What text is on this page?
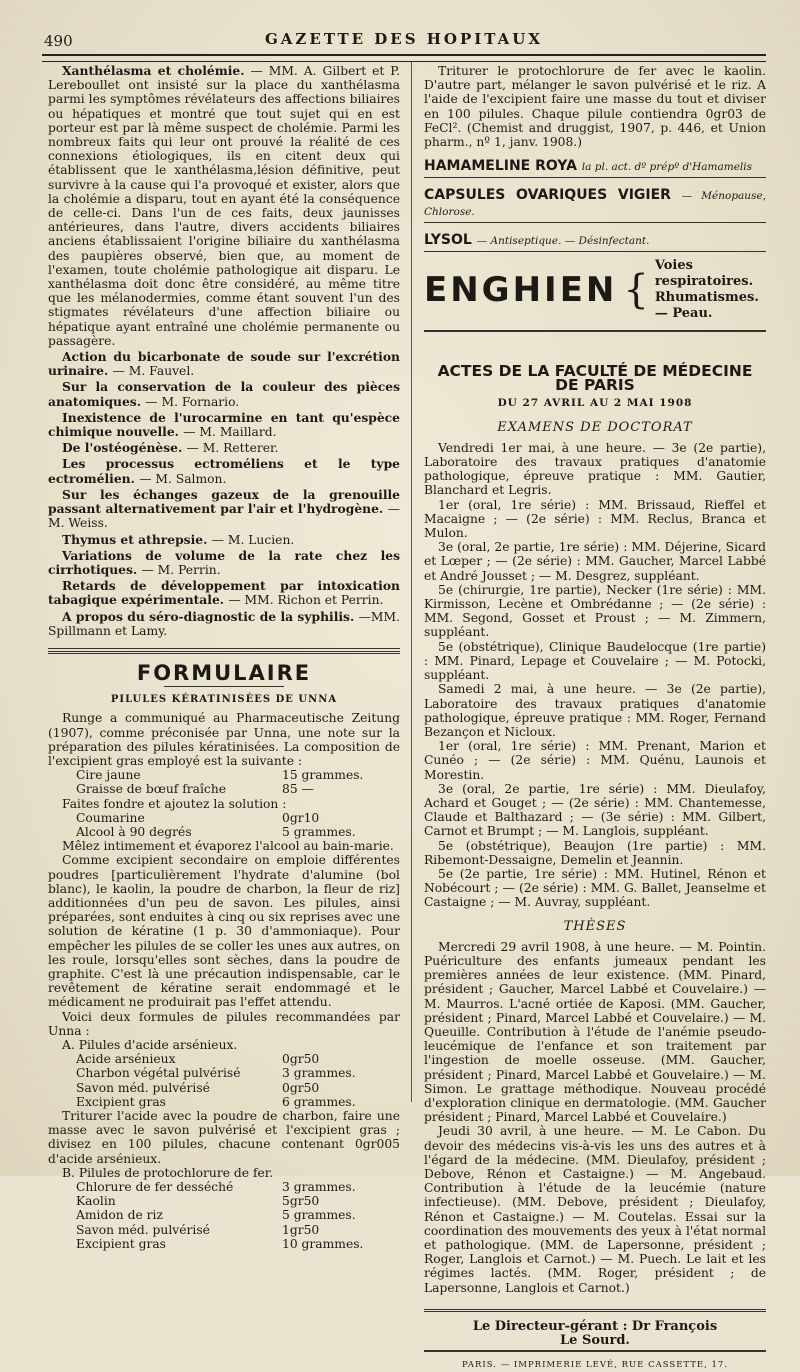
490	GAZETTE DES HOPITAUX

Xanthélasma et cholémie. — MM. A. Gilbert et P. Lereboullet ont insisté sur la place du xanthélasma parmi les symptômes révélateurs des affections biliaires ou hépatiques et montré que tout sujet qui en est porteur est par là même suspect de cholémie. Parmi les nombreux faits qui leur ont prouvé la réalité de ces connexions étiologiques, ils en citent deux qui établissent que le xanthélasma,lésion définitive, peut survivre à la cause qui l'a provoqué et exister, alors que la cholémie a disparu, tout en ayant été la conséquence de celle-ci. Dans l'un de ces faits, deux jaunisses antérieures, dans l'autre, divers accidents biliaires anciens établissaient l'origine biliaire du xanthélasma des paupières observé, bien que, au moment de l'examen, toute cholémie pathologique ait disparu. Le xanthélasma doit donc être considéré, au même titre que les mélanodermies, comme étant souvent l'un des stigmates révélateurs d'une affection biliaire ou hépatique ayant entraîné une cholémie permanente ou passagère.

Action du bicarbonate de soude sur l'excrétion urinaire. — M. Fauvel.

Sur la conservation de la couleur des pièces anatomiques. — M. Fornario.

Inexistence de l'urocarmine en tant qu'espèce chimique nouvelle. — M. Maillard.

De l'ostéogénèse. — M. Retterer.

Les processus ectroméliens et le type ectromélien. — M. Salmon.

Sur les échanges gazeux de la grenouille passant alternativement par l'air et l'hydrogène. — M. Weiss.

Thymus et athrepsie. — M. Lucien.

Variations de volume de la rate chez les cirrhotiques. — M. Perrin.

Retards de développement par intoxication tabagique expérimentale. — MM. Richon et Perrin.

A propos du séro-diagnostic de la syphilis. —MM. Spillmann et Lamy.

FORMULAIRE
PILULES KÉRATINISÉES DE UNNA

Runge a communiqué au Pharmaceutische Zeitung (1907), comme préconisée par Unna, une note sur la préparation des pilules kératinisées. La composition de l'excipient gras employé est la suivante :

Cire jaune	15 grammes.
Graisse de bœuf fraîche	85 —

Faites fondre et ajoutez la solution :

Coumarine	0gr10
Alcool à 90 degrés	5 grammes.

Mêlez intimement et évaporez l'alcool au bain-marie.

Comme excipient secondaire on emploie différentes poudres [particulièrement l'hydrate d'alumine (bol blanc), le kaolin, la poudre de charbon, la fleur de riz] additionnées d'un peu de savon. Les pilules, ainsi préparées, sont enduites à cinq ou six reprises avec une solution de kératine (1 p. 30 d'ammoniaque). Pour empêcher les pilules de se coller les unes aux autres, on les roule, lorsqu'elles sont sèches, dans la poudre de graphite. C'est là une précaution indispensable, car le revêtement de kératine serait endommagé et le médicament ne produirait pas l'effet attendu.

Voici deux formules de pilules recommandées par Unna :

A. Pilules d'acide arsénieux.

Acide arsénieux	0gr50
Charbon végétal pulvérisé	3 grammes.
Savon méd. pulvérisé	0gr50
Excipient gras	6 grammes.

Triturer l'acide avec la poudre de charbon, faire une masse avec le savon pulvérisé et l'excipient gras ; divisez en 100 pilules, chacune contenant 0gr005 d'acide arsénieux.

B. Pilules de protochlorure de fer.

Chlorure de fer desséché	3 grammes.
Kaolin	5gr50
Amidon de riz	5 grammes.
Savon méd. pulvérisé	1gr50
Excipient gras	10 grammes.

Triturer le protochlorure de fer avec le kaolin. D'autre part, mélanger le savon pulvérisé et le riz. A l'aide de l'excipient faire une masse du tout et diviser en 100 pilules. Chaque pilule contiendra 0gr03 de FeCl². (Chemist and druggist, 1907, p. 446, et Union pharm., nº 1, janv. 1908.)

HAMAMELINE ROYA la pl. act. dº prépº d'Hamamelis
CAPSULES OVARIQUES VIGIER — Ménopause, Chlorose.
LYSOL — Antiseptique. — Désinfectant.
ENGHIEN {
Voies respiratoires.
Rhumatismes. — Peau.
ACTES DE LA FACULTÉ DE MÉDECINE DE PARIS
DU 27 AVRIL AU 2 MAI 1908
EXAMENS DE DOCTORAT

Vendredi 1er mai, à une heure. — 3e (2e partie), Laboratoire des travaux pratiques d'anatomie pathologique, épreuve pratique : MM. Gautier, Blanchard et Legris.

1er (oral, 1re série) : MM. Brissaud, Rieffel et Macaigne ; — (2e série) : MM. Reclus, Branca et Mulon.

3e (oral, 2e partie, 1re série) : MM. Déjerine, Sicard et Lœper ; — (2e série) : MM. Gaucher, Marcel Labbé et André Jousset ; — M. Desgrez, suppléant.

5e (chirurgie, 1re partie), Necker (1re série) : MM. Kirmisson, Lecène et Ombrédanne ; — (2e série) : MM. Segond, Gosset et Proust ; — M. Zimmern, suppléant.

5e (obstétrique), Clinique Baudelocque (1re partie) : MM. Pinard, Lepage et Couvelaire ; — M. Potocki, suppléant.

Samedi 2 mai, à une heure. — 3e (2e partie), Laboratoire des travaux pratiques d'anatomie pathologique, épreuve pratique : MM. Roger, Fernand Bezançon et Nicloux.

1er (oral, 1re série) : MM. Prenant, Marion et Cunéo ; — (2e série) : MM. Quénu, Launois et Morestin.

3e (oral, 2e partie, 1re série) : MM. Dieulafoy, Achard et Gouget ; — (2e série) : MM. Chantemesse, Claude et Balthazard ; — (3e série) : MM. Gilbert, Carnot et Brumpt ; — M. Langlois, suppléant.

5e (obstétrique), Beaujon (1re partie) : MM. Ribemont-Dessaigne, Demelin et Jeannin.

5e (2e partie, 1re série) : MM. Hutinel, Rénon et Nobécourt ; — (2e série) : MM. G. Ballet, Jeanselme et Castaigne ; — M. Auvray, suppléant.

THÈSES

Mercredi 29 avril 1908, à une heure. — M. Pointin. Puériculture des enfants jumeaux pendant les premières années de leur existence. (MM. Pinard, président ; Gaucher, Marcel Labbé et Couvelaire.) — M. Maurros. L'acné ortiée de Kaposi. (MM. Gaucher, président ; Pinard, Marcel Labbé et Couvelaire.) — M. Queuille. Contribution à l'étude de l'anémie pseudo-leucémique de l'enfance et son traitement par l'ingestion de moelle osseuse. (MM. Gaucher, président ; Pinard, Marcel Labbé et Gouvelaire.) — M. Simon. Le grattage méthodique. Nouveau procédé d'exploration clinique en dermatologie. (MM. Gaucher président ; Pinard, Marcel Labbé et Couvelaire.)

Jeudi 30 avril, à une heure. — M. Le Cabon. Du devoir des médecins vis-à-vis les uns des autres et à l'égard de la médecine. (MM. Dieulafoy, président ; Debove, Rénon et Castaigne.) — M. Angebaud. Contribution à l'étude de la leucémie (nature infectieuse). (MM. Debove, président ; Dieulafoy, Rénon et Castaigne.) — M. Coutelas. Essai sur la coordination des mouvements des yeux à l'état normal et pathologique. (MM. de Lapersonne, président ; Roger, Langlois et Carnot.) — M. Puech. Le lait et les régimes lactés. (MM. Roger, président ; de Lapersonne, Langlois et Carnot.)

Le Directeur-gérant : Dr François Le Sourd.
PARIS. — IMPRIMERIE LEVÉ, RUE CASSETTE, 17.
